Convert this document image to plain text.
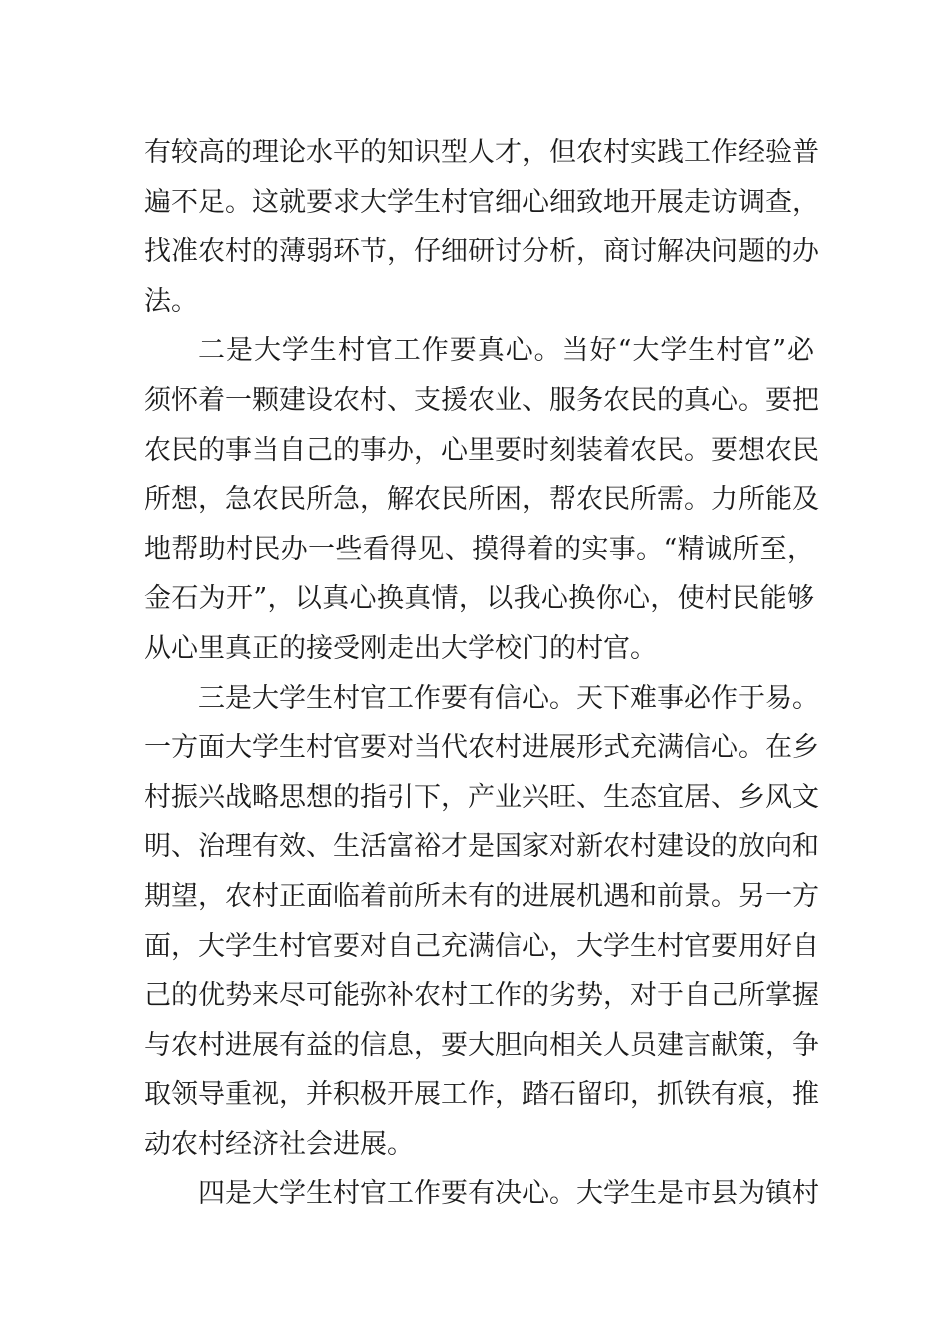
有较高的理论水平的知识型人才，但农村实践工作经验普
遍不足。这就要求大学生村官细心细致地开展走访调查，
找准农村的薄弱环节，仔细研讨分析，商讨解决问题的办
法。
二是大学生村官工作要真心。当好“大学生村官”必
须怀着一颗建设农村、支援农业、服务农民的真心。要把
农民的事当自己的事办，心里要时刻装着农民。要想农民
所想，急农民所急，解农民所困，帮农民所需。力所能及
地帮助村民办一些看得见、摸得着的实事。“精诚所至，
金石为开”，以真心换真情，以我心换你心，使村民能够
从心里真正的接受刚走出大学校门的村官。
三是大学生村官工作要有信心。天下难事必作于易。
一方面大学生村官要对当代农村进展形式充满信心。在乡
村振兴战略思想的指引下，产业兴旺、生态宜居、乡风文
明、治理有效、生活富裕才是国家对新农村建设的放向和
期望，农村正面临着前所未有的进展机遇和前景。另一方
面，大学生村官要对自己充满信心，大学生村官要用好自
己的优势来尽可能弥补农村工作的劣势，对于自己所掌握
与农村进展有益的信息，要大胆向相关人员建言献策，争
取领导重视，并积极开展工作，踏石留印，抓铁有痕，推
动农村经济社会进展。
四是大学生村官工作要有决心。大学生是市县为镇村
